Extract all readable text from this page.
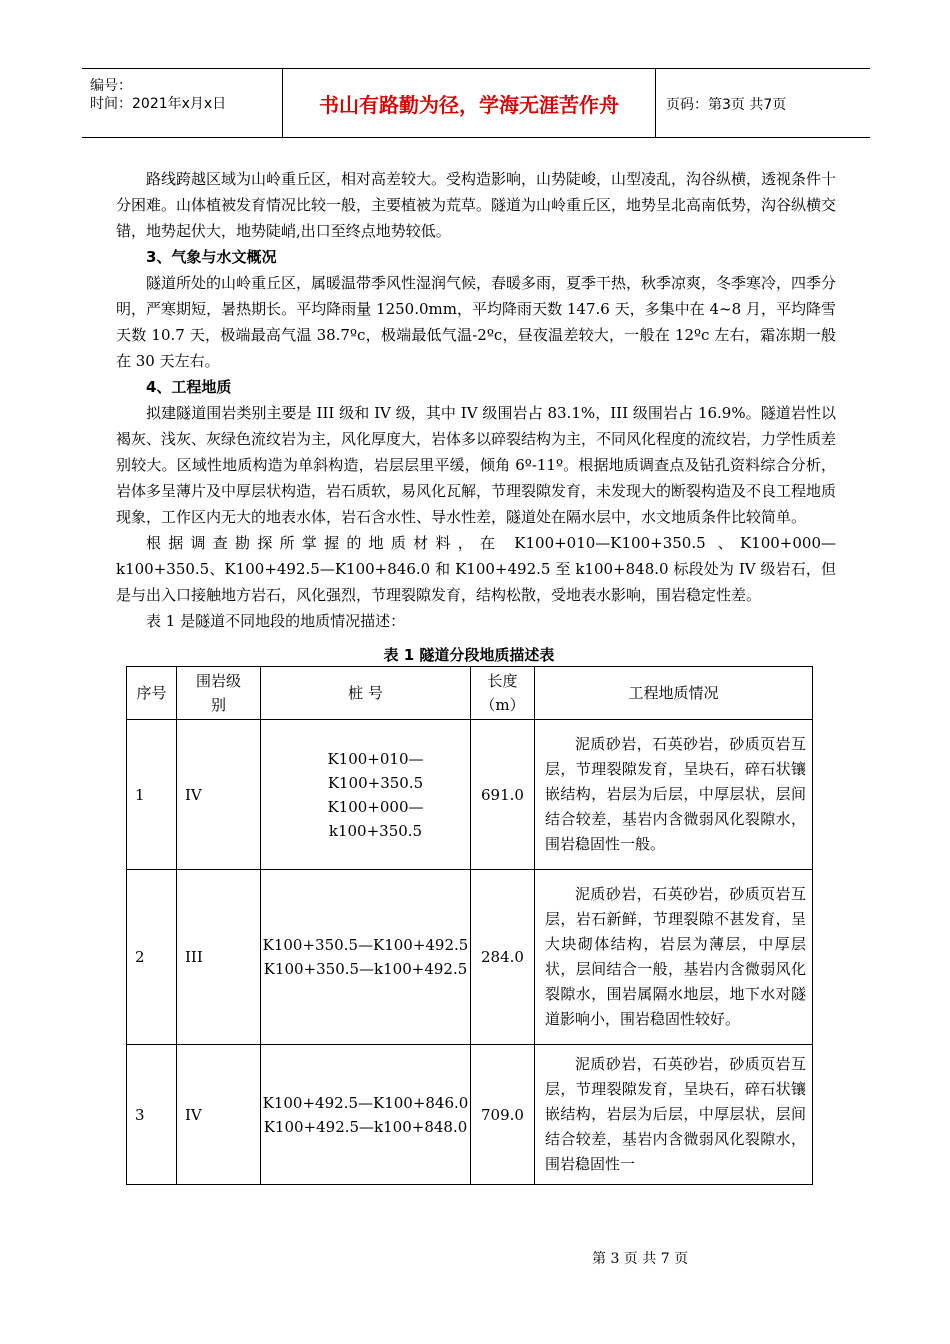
编号：
时间：2021年x月x日	书山有路勤为径，学海无涯苦作舟	页码：第3页 共7页

路线跨越区域为山岭重丘区，相对高差较大。受构造影响，山势陡峻，山型凌乱，沟谷纵横，透视条件十分困难。山体植被发育情况比较一般，主要植被为荒草。隧道为山岭重丘区，地势呈北高南低势，沟谷纵横交错，地势起伏大，地势陡峭,出口至终点地势较低。

3、气象与水文概况

隧道所处的山岭重丘区，属暖温带季风性湿润气候，春暖多雨，夏季干热，秋季凉爽，冬季寒冷，四季分明，严寒期短，暑热期长。平均降雨量 1250.0mm，平均降雨天数 147.6 天，多集中在 4~8 月，平均降雪天数 10.7 天，极端最高气温 38.7ºc，极端最低气温-2ºc，昼夜温差较大，一般在 12ºc 左右，霜冻期一般在 30 天左右。

4、工程地质

拟建隧道围岩类别主要是 III 级和 IV 级，其中 IV 级围岩占 83.1%，III 级围岩占 16.9%。隧道岩性以褐灰、浅灰、灰绿色流纹岩为主，风化厚度大，岩体多以碎裂结构为主，不同风化程度的流纹岩，力学性质差别较大。区域性地质构造为单斜构造，岩层层里平缓，倾角 6º-11º。根据地质调查点及钻孔资料综合分析，岩体多呈薄片及中厚层状构造，岩石质软，易风化瓦解，节理裂隙发育，未发现大的断裂构造及不良工程地质现象，工作区内无大的地表水体，岩石含水性、导水性差，隧道处在隔水层中，水文地质条件比较简单。

根据调查勘探所掌握的地质材料，在 K100+010—K100+350.5 、K100+000—

k100+350.5、K100+492.5—K100+846.0 和 K100+492.5 至 k100+848.0 标段处为 IV 级岩石，但是与出入口接触地方岩石，风化强烈，节理裂隙发育，结构松散，受地表水影响，围岩稳定性差。

表 1 是隧道不同地段的地质情况描述：

表 1 隧道分段地质描述表
序号	围岩级别	桩 号	长度（m）	工程地质情况
1	IV	K100+010—K100+350.5
K100+000—k100+350.5	691.0	泥质砂岩，石英砂岩，砂质页岩互层，节理裂隙发育，呈块石，碎石状镶嵌结构，岩层为后层，中厚层状，层间结合较差，基岩内含微弱风化裂隙水，围岩稳固性一般。
2	III	K100+350.5—K100+492.5
K100+350.5—k100+492.5	284.0	泥质砂岩，石英砂岩，砂质页岩互层，岩石新鲜，节理裂隙不甚发育，呈大块砌体结构，岩层为薄层，中厚层状，层间结合一般，基岩内含微弱风化裂隙水，围岩属隔水地层，地下水对隧道影响小，围岩稳固性较好。
3	IV	K100+492.5—K100+846.0
K100+492.5—k100+848.0	709.0	泥质砂岩，石英砂岩，砂质页岩互层，节理裂隙发育，呈块石，碎石状镶嵌结构，岩层为后层，中厚层状，层间结合较差，基岩内含微弱风化裂隙水，围岩稳固性一
第 3 页 共 7 页
